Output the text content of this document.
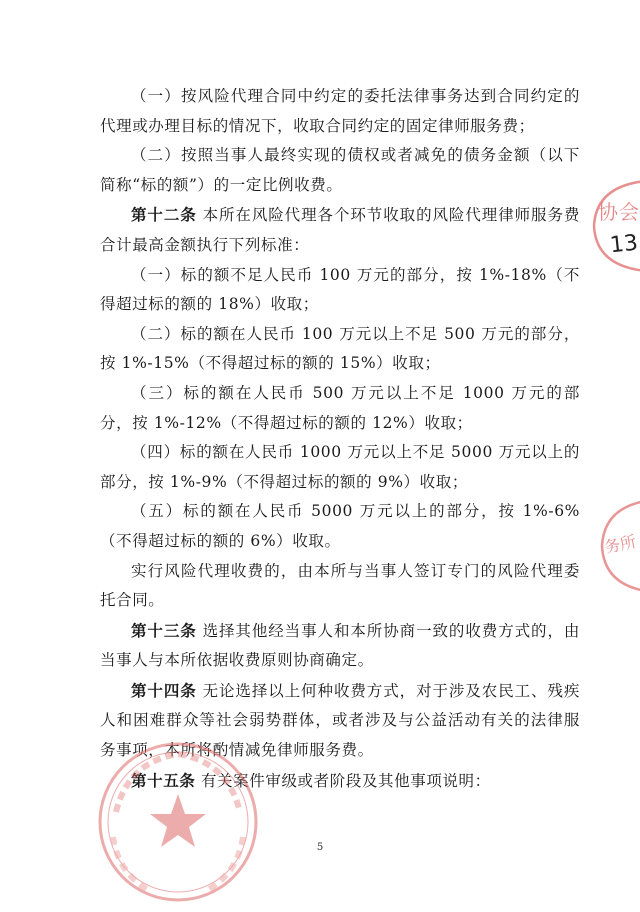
（一）按风险代理合同中约定的委托法律事务达到合同约定的代理或办理目标的情况下，收取合同约定的固定律师服务费；

（二）按照当事人最终实现的债权或者减免的债务金额（以下简称“标的额”）的一定比例收费。

第十二条 本所在风险代理各个环节收取的风险代理律师服务费合计最高金额执行下列标准：

（一）标的额不足人民币 100 万元的部分，按 1%-18%（不得超过标的额的 18%）收取；

（二）标的额在人民币 100 万元以上不足 500 万元的部分，按 1%-15%（不得超过标的额的 15%）收取；

（三）标的额在人民币 500 万元以上不足 1000 万元的部分，按 1%-12%（不得超过标的额的 12%）收取；

（四）标的额在人民币 1000 万元以上不足 5000 万元以上的部分，按 1%-9%（不得超过标的额的 9%）收取；

（五）标的额在人民币 5000 万元以上的部分，按 1%-6%（不得超过标的额的 6%）收取。

实行风险代理收费的，由本所与当事人签订专门的风险代理委托合同。

第十三条 选择其他经当事人和本所协商一致的收费方式的，由当事人与本所依据收费原则协商确定。

第十四条 无论选择以上何种收费方式，对于涉及农民工、残疾人和困难群众等社会弱势群体，或者涉及与公益活动有关的法律服务事项，本所将酌情减免律师服务费。

第十五条 有关案件审级或者阶段及其他事项说明：

5
协会
13
务所
